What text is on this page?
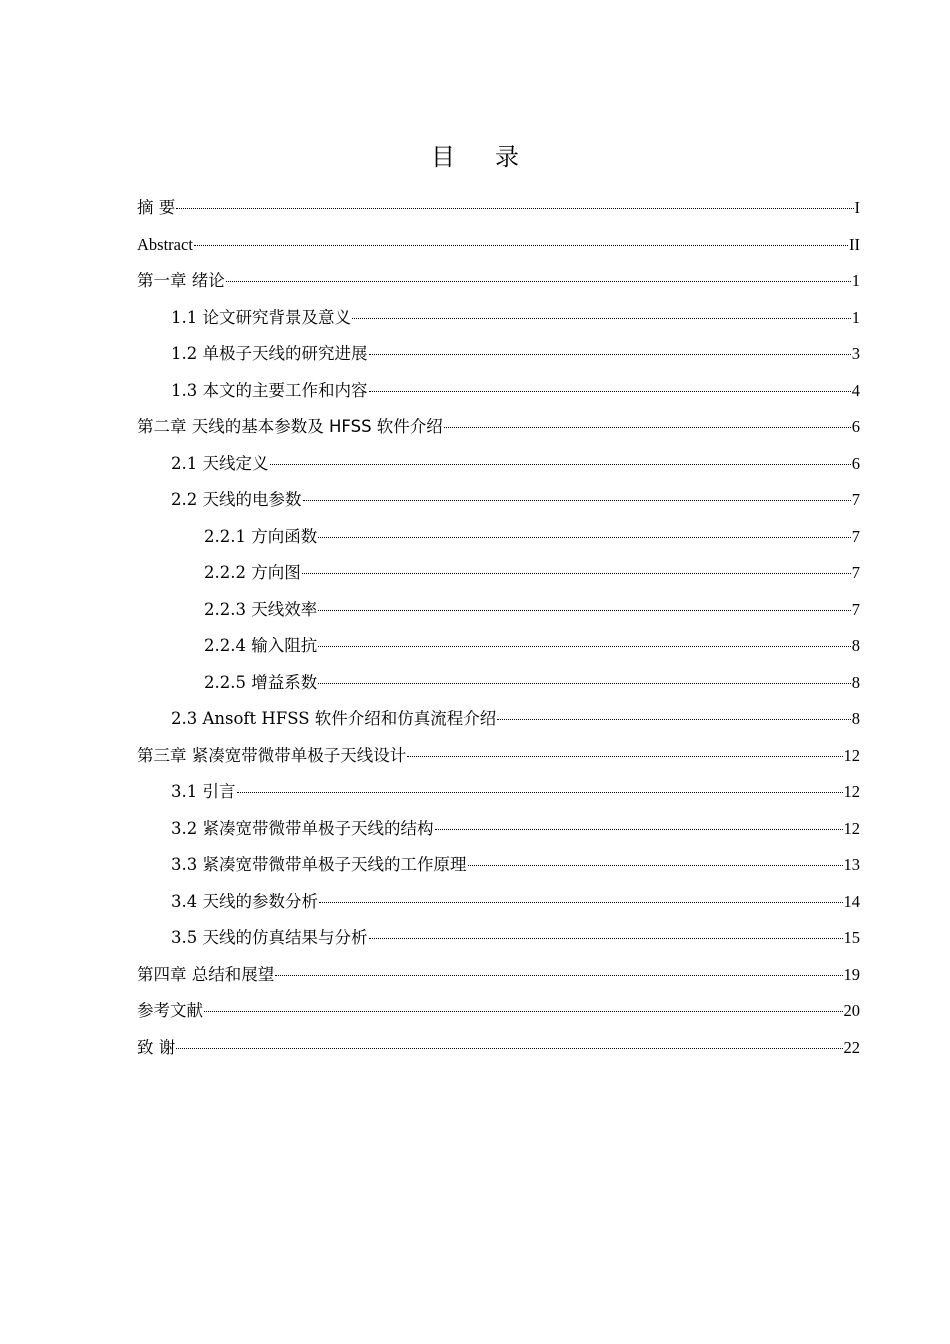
目录
摘 要	I
Abstract	II
第一章 绪论	1
1.1 论文研究背景及意义	1
1.2 单极子天线的研究进展	3
1.3 本文的主要工作和内容	4
第二章 天线的基本参数及 HFSS 软件介绍	6
2.1 天线定义	6
2.2 天线的电参数	7
2.2.1 方向函数	7
2.2.2 方向图	7
2.2.3 天线效率	7
2.2.4 输入阻抗	8
2.2.5 增益系数	8
2.3 Ansoft HFSS 软件介绍和仿真流程介绍	8
第三章 紧凑宽带微带单极子天线设计	12
3.1 引言	12
3.2 紧凑宽带微带单极子天线的结构	12
3.3 紧凑宽带微带单极子天线的工作原理	13
3.4 天线的参数分析	14
3.5 天线的仿真结果与分析	15
第四章 总结和展望	19
参考文献	20
致 谢	22
